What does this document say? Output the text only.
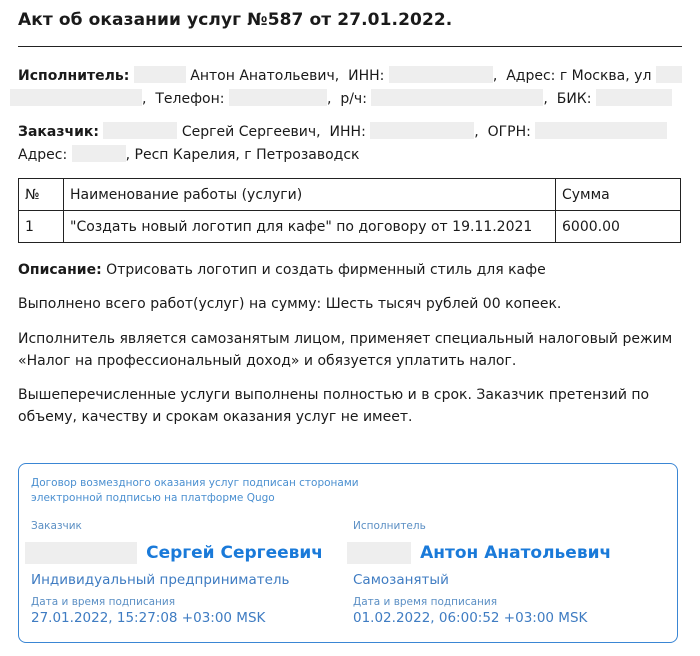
Акт об оказании услуг №587 от 27.01.2022.
Исполнитель:	Антон Анатольевич, ИНН:	, Адрес: г Москва, ул
, Телефон:	, р/ч:	, БИК:
Заказчик:	Сергей Сергеевич, ИНН:	, ОГРН:
Адрес:	, Респ Карелия, г Петрозаводск
№	Наименование работы (услуги)	Сумма
1	"Создать новый логотип для кафе" по договору от 19.11.2021	6000.00
Описание: Отрисовать логотип и создать фирменный стиль для кафе
Выполнено всего работ(услуг) на сумму: Шесть тысяч рублей 00 копеек.
Исполнитель является самозанятым лицом, применяет специальный налоговый режим «Налог на профессиональный доход» и обязуется уплатить налог.
Вышеперечисленные услуги выполнены полностью и в срок. Заказчик претензий по объему, качеству и срокам оказания услуг не имеет.
Договор возмездного оказания услуг подписан сторонами электронной подписью на платформе Qugo
Заказчик
Сергей Сергеевич
Индивидуальный предприниматель
Дата и время подписания
27.01.2022, 15:27:08 +03:00 MSK
Исполнитель
Антон Анатольевич
Самозанятый
Дата и время подписания
01.02.2022, 06:00:52 +03:00 MSK
